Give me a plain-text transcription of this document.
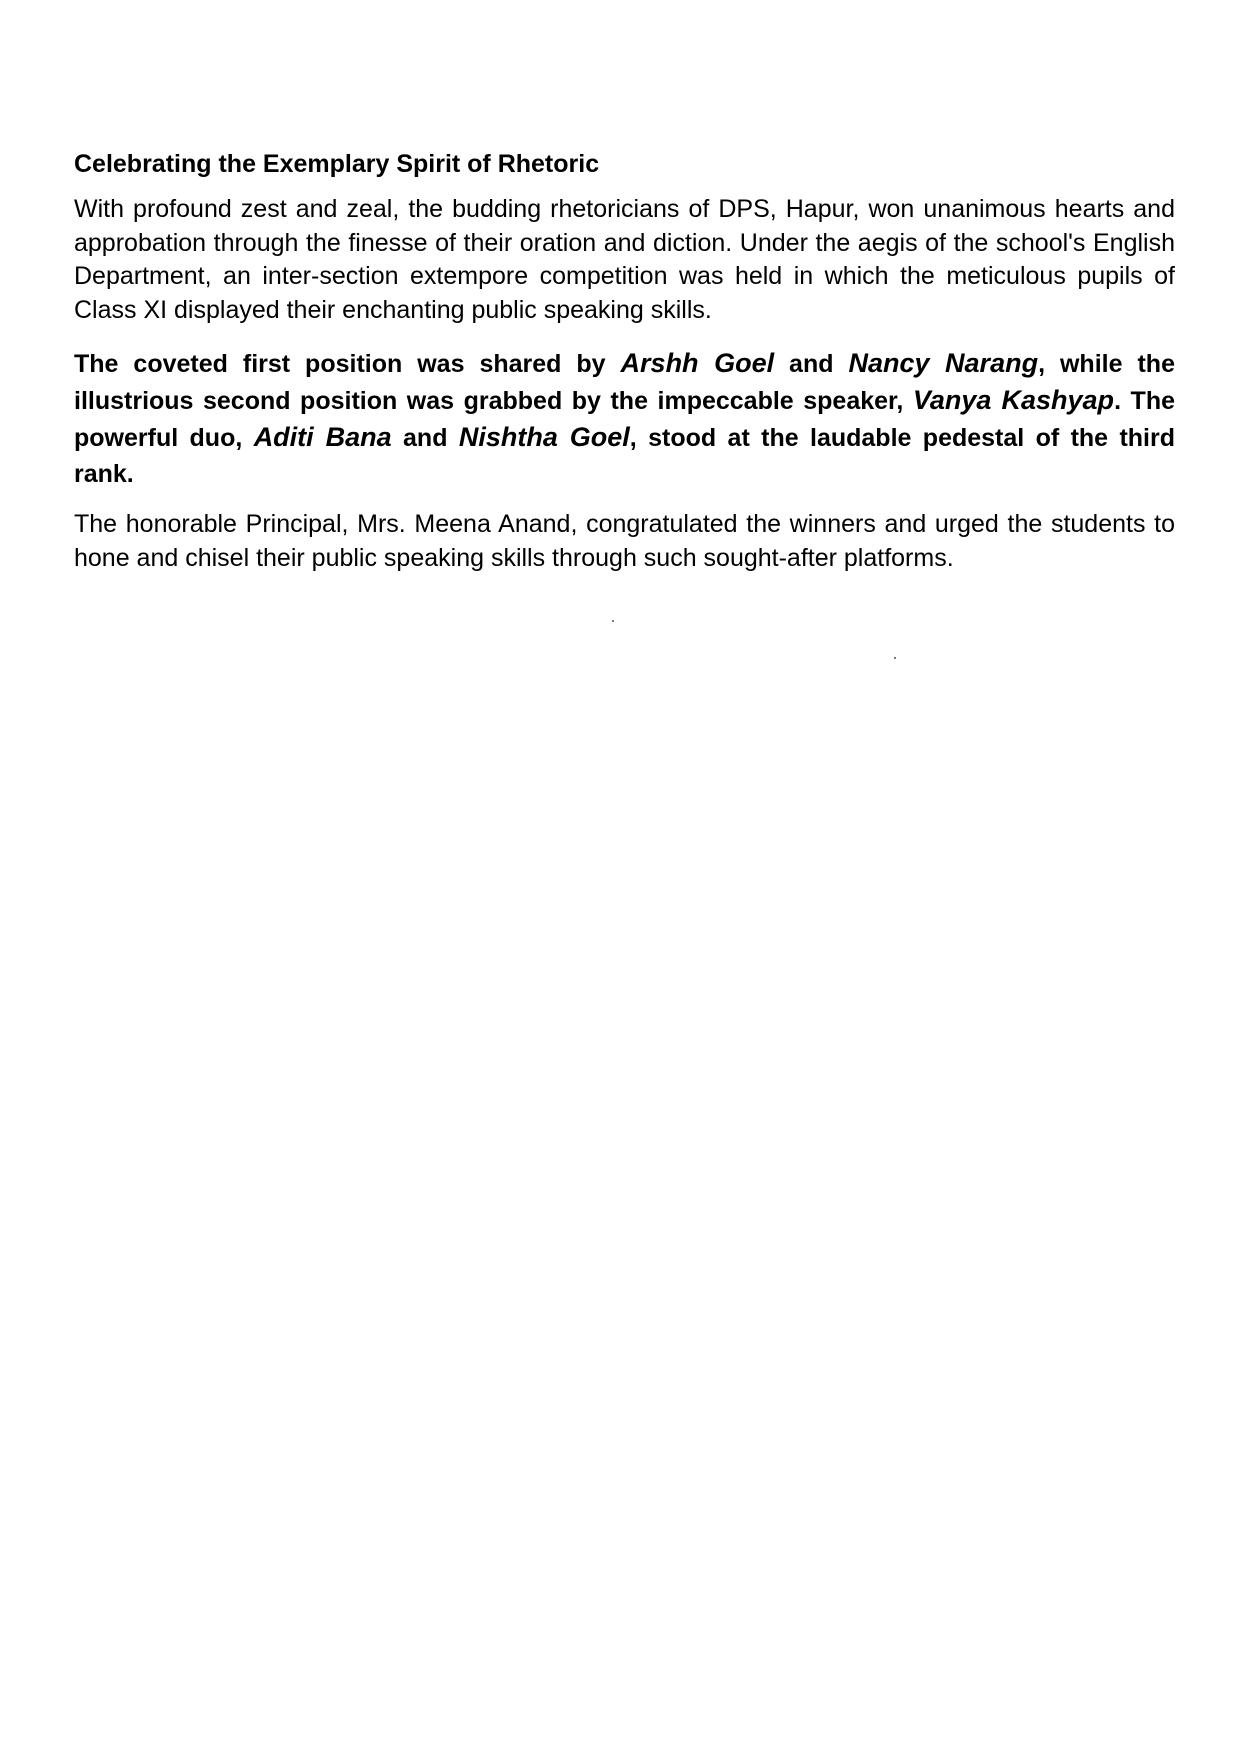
Celebrating the Exemplary Spirit of Rhetoric

With profound zest and zeal, the budding rhetoricians of DPS, Hapur, won unanimous hearts and approbation through the finesse of their oration and diction. Under the aegis of the school's English Department, an inter-section extempore competition was held in which the meticulous pupils of Class XI displayed their enchanting public speaking skills.

The coveted first position was shared by Arshh Goel and Nancy Narang, while the illustrious second position was grabbed by the impeccable speaker, Vanya Kashyap. The powerful duo, Aditi Bana and Nishtha Goel, stood at the laudable pedestal of the third rank.

The honorable Principal, Mrs. Meena Anand, congratulated the winners and urged the students to hone and chisel their public speaking skills through such sought-after platforms.
